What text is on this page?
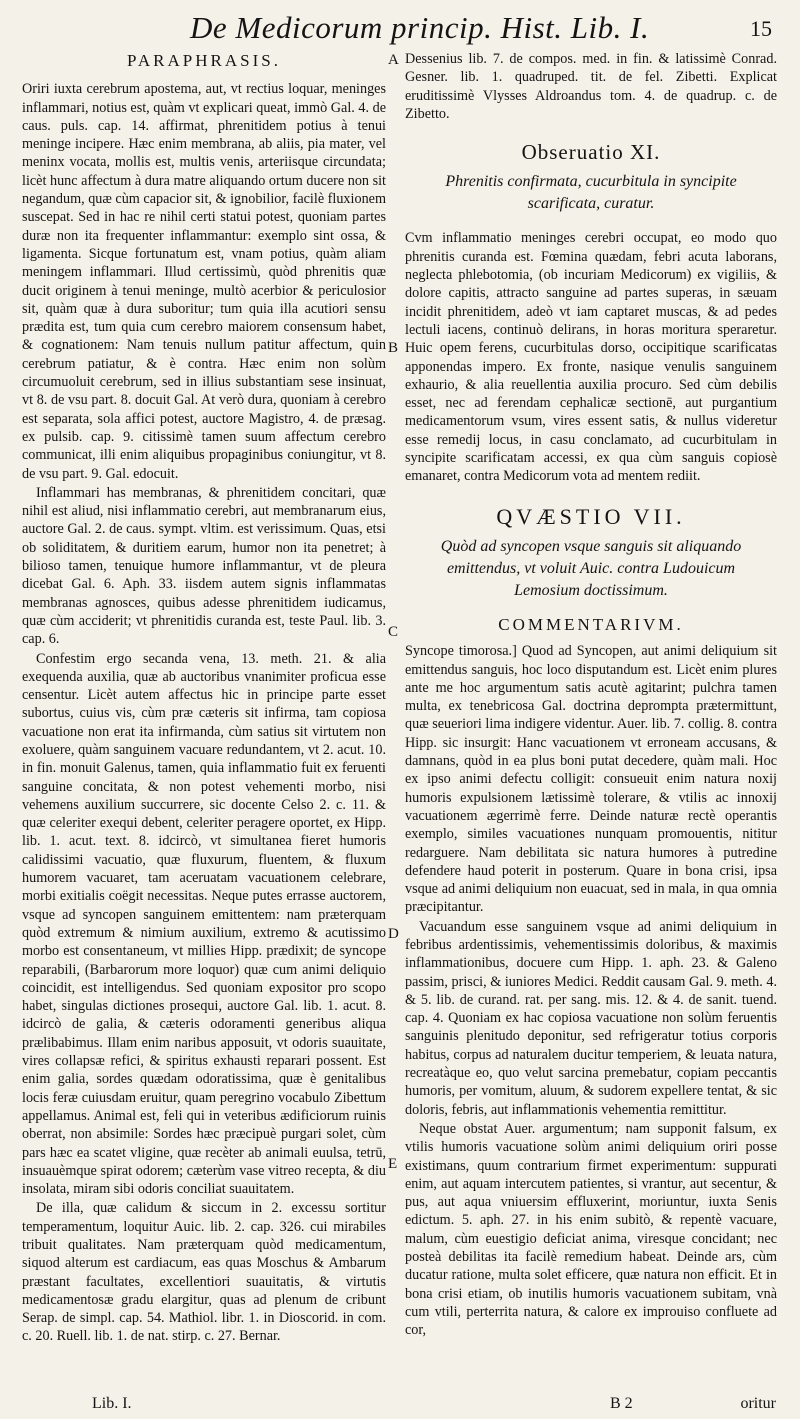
De Medicorum princip. Hist. Lib. I.	15
PARAPHRASIS.

Oriri iuxta cerebrum apostema, aut, vt rectius loquar, meninges inflammari, notius est, quàm vt explicari queat, immò Gal. 4. de caus. puls. cap. 14. affirmat, phrenitidem potius à tenui meninge incipere. Hæc enim membrana, ab aliis, pia mater, vel meninx vocata, mollis est, multis venis, arteriisque circundata; licèt hunc affectum à dura matre aliquando ortum ducere non sit negandum, quæ cùm capacior sit, & ignobilior, facilè fluxionem suscepat. Sed in hac re nihil certi statui potest, quoniam partes duræ non ita frequenter inflammantur: exemplo sint ossa, & ligamenta. Sicque fortunatum est, vnam potius, quàm aliam meningem inflammari. Illud certissimù, quòd phrenitis quæ ducit originem à tenui meninge, multò acerbior & periculosior sit, quàm quæ à dura suboritur; tum quia illa acutiori sensu prædita est, tum quia cum cerebro maiorem consensum habet, & cognationem: Nam tenuis nullum patitur affectum, quin cerebrum patiatur, & è contra. Hæc enim non solùm circumuoluit cerebrum, sed in illius substantiam sese insinuat, vt 8. de vsu part. 8. docuit Gal. At verò dura, quoniam à cerebro est separata, sola affici potest, auctore Magistro, 4. de præsag. ex pulsib. cap. 9. citissimè tamen suum affectum cerebro communicat, illi enim aliquibus propaginibus coniungitur, vt 8. de vsu part. 9. Gal. edocuit.

Inflammari has membranas, & phrenitidem concitari, quæ nihil est aliud, nisi inflammatio cerebri, aut membranarum eius, auctore Gal. 2. de caus. sympt. vltim. est verissimum. Quas, etsi ob soliditatem, & duritiem earum, humor non ita penetret; à bilioso tamen, tenuique humore inflammantur, vt de pleura dicebat Gal. 6. Aph. 33. iisdem autem signis inflammatas membranas agnosces, quibus adesse phrenitidem iudicamus, quæ cùm acciderit; vt phrenitidis curanda est, teste Paul. lib. 3. cap. 6.

Confestim ergo secanda vena, 13. meth. 21. & alia exequenda auxilia, quæ ab auctoribus vnanimiter proficua esse censentur. Licèt autem affectus hic in principe parte esset subortus, cuius vis, cùm præ cæteris sit infirma, tam copiosa vacuatione non erat ita infirmanda, cùm satius sit virtutem non exoluere, quàm sanguinem vacuare redundantem, vt 2. acut. 10. in fin. monuit Galenus, tamen, quia inflammatio fuit ex feruenti sanguine concitata, & non potest vehementi morbo, nisi vehemens auxilium succurrere, sic docente Celso 2. c. 11. & quæ celeriter exequi debent, celeriter peragere oportet, ex Hipp. lib. 1. acut. text. 8. idcircò, vt simultanea fieret humoris calidissimi vacuatio, quæ fluxurum, fluentem, & fluxum humorem vacuaret, tam aceruatam vacuationem celebrare, morbi exitialis coëgit necessitas. Neque putes errasse auctorem, vsque ad syncopen sanguinem emittentem: nam præterquam quòd extremum & nimium auxilium, extremo & acutissimo morbo est consentaneum, vt millies Hipp. prædixit; de syncope reparabili, (Barbarorum more loquor) quæ cum animi deliquio coincidit, est intelligendus. Sed quoniam expositor pro scopo habet, singulas dictiones prosequi, auctore Gal. lib. 1. acut. 8. idcircò de galia, & cæteris odoramenti generibus aliqua prælibabimus. Illam enim naribus apposuit, vt odoris suauitate, vires collapsæ refici, & spiritus exhausti reparari possent. Est enim galia, sordes quædam odoratissima, quæ è genitalibus locis feræ cuiusdam eruitur, quam peregrino vocabulo Zibettum appellamus. Animal est, feli qui in veteribus ædificiorum ruinis oberrat, non absimile: Sordes hæc præcipuè purgari solet, cùm pars hæc ea scatet vligine, quæ recèter ab animali euulsa, tetrū, insuauèmque spirat odorem; cæterùm vase vitreo recepta, & diu insolata, miram sibi odoris conciliat suauitatem.

De illa, quæ calidum & siccum in 2. excessu sortitur temperamentum, loquitur Auic. lib. 2. cap. 326. cui mirabiles tribuit qualitates. Nam præterquam quòd medicamentum, siquod alterum est cardiacum, eas quas Moschus & Ambarum præstant facultates, excellentiori suauitatis, & virtutis medicamentosæ gradu elargitur, quas ad plenum de cribunt Serap. de simpl. cap. 54. Mathiol. libr. 1. in Dioscorid. in com. c. 20. Ruell. lib. 1. de nat. stirp. c. 27. Bernar.

Dessenius lib. 7. de compos. med. in fin. & latissimè Conrad. Gesner. lib. 1. quadruped. tit. de fel. Zibetti. Explicat eruditissimè Vlysses Aldroandus tom. 4. de quadrup. c. de Zibetto.

Obseruatio XI.
Phrenitis confirmata, cucurbitula in syncipite scarificata, curatur.

Cvm inflammatio meninges cerebri occupat, eo modo quo phrenitis curanda est. Fœmina quædam, febri acuta laborans, neglecta phlebotomia, (ob incuriam Medicorum) ex vigiliis, & dolore capitis, attracto sanguine ad partes superas, in sæuam incidit phrenitidem, adeò vt iam captaret muscas, & ad pedes lectuli iacens, continuò delirans, in horas moritura speraretur. Huic opem ferens, cucurbitulas dorso, occipitique scarificatas apponendas impero. Ex fronte, nasique venulis sanguinem exhaurio, & alia reuellentia auxilia procuro. Sed cùm debilis esset, nec ad ferendam cephalicæ sectionē, aut purgantium medicamentorum vsum, vires essent satis, & nullus videretur esse remedij locus, in casu conclamato, ad cucurbitulam in syncipite scarificatam accessi, ex qua cùm sanguis copiosè emanaret, contra Medicorum vota ad mentem rediit.

QVÆSTIO VII.
Quòd ad syncopen vsque sanguis sit aliquando emittendus, vt voluit Auic. contra Ludouicum Lemosium doctissimum.
COMMENTARIVM.

Syncope timorosa.] Quod ad Syncopen, aut animi deliquium sit emittendus sanguis, hoc loco disputandum est. Licèt enim plures ante me hoc argumentum satis acutè agitarint; pulchra tamen multa, ex tenebricosa Gal. doctrina deprompta prætermittunt, quæ seueriori lima indigere videntur. Auer. lib. 7. collig. 8. contra Hipp. sic insurgit: Hanc vacuationem vt erroneam accusans, & damnans, quòd in ea plus boni putat decedere, quàm mali. Hoc ex ipso animi defectu colligit: consueuit enim natura noxij humoris expulsionem lætissimè tolerare, & vtilis ac innoxij vacuationem ægerrimè ferre. Deinde naturæ rectè operantis exemplo, similes vacuationes nunquam promouentis, nititur redarguere. Nam debilitata sic natura humores à putredine defendere haud poterit in posterum. Quare in bona crisi, ipsa vsque ad animi deliquium non euacuat, sed in mala, in qua omnia præcipitantur.

Vacuandum esse sanguinem vsque ad animi deliquium in febribus ardentissimis, vehementissimis doloribus, & maximis inflammationibus, docuere cum Hipp. 1. aph. 23. & Galeno passim, prisci, & iuniores Medici. Reddit causam Gal. 9. meth. 4. & 5. lib. de curand. rat. per sang. mis. 12. & 4. de sanit. tuend. cap. 4. Quoniam ex hac copiosa vacuatione non solùm feruentis sanguinis plenitudo deponitur, sed refrigeratur totius corporis habitus, corpus ad naturalem ducitur temperiem, & leuata natura, recreatàque eo, quo velut sarcina premebatur, copiam peccantis humoris, per vomitum, aluum, & sudorem expellere tentat, & sic doloris, febris, aut inflammationis vehementia remittitur.

Neque obstat Auer. argumentum; nam supponit falsum, ex vtilis humoris vacuatione solùm animi deliquium oriri posse existimans, quum contrarium firmet experimentum: suppurati enim, aut aquam intercutem patientes, si vrantur, aut secentur, & pus, aut aqua vniuersim effluxerint, moriuntur, iuxta Senis edictum. 5. aph. 27. in his enim subitò, & repentè vacuare, malum, cùm euestigio deficiat anima, viresque concidant; nec posteà debilitas ita facilè remedium habeat. Deinde ars, cùm ducatur ratione, multa solet efficere, quæ natura non efficit. Et in bona crisi etiam, ob inutilis humoris vacuationem subitam, vnà cum vtili, perterrita natura, & calore ex improuiso confluete ad cor,

A
B
C
D
E
Lib. I.	B 2	oritur
